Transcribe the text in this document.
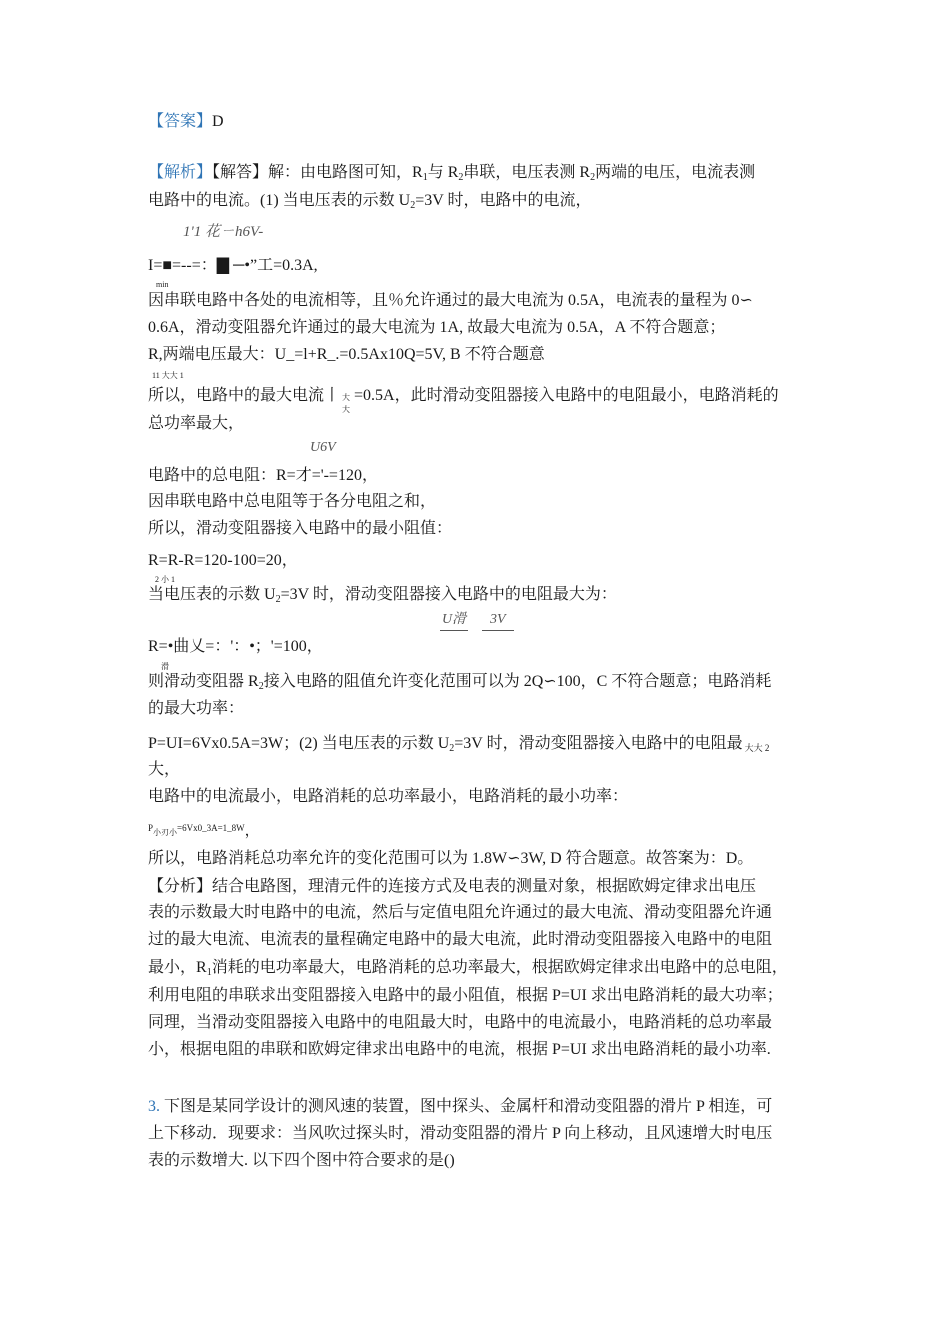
【答案】D
【解析】【解答】解：由电路图可知，$R_1$与 $R_2$串联，电压表测 $R_2$两端的电压，电流表测
电路中的电流。(1) 当电压表的示数 $U_2=3V$ 时，电路中的电流，
1'1 花ㄧh6V-
I=■=--=：▇ ─•”工=0.3A,
min
因串联电路中各处的电流相等，且％允许通过的最大电流为 0.5A，电流表的量程为 0∽
0.6A，滑动变阻器允许通过的最大电流为 1A, 故最大电流为 0.5A，A 不符合题意；
R,两端电压最大：U_=l+R_.=0.5Ax10Q=5V, B 不符合题意
11 大大 1
所以，电路中的最大电流丨 大
大
=0.5A，此时滑动变阻器接入电路中的电阻最小，电路消耗的
总功率最大，
U6V
电路中的总电阻：R=才='-=120，
因串联电路中总电阻等于各分电阻之和，
所以，滑动变阻器接入电路中的最小阻值：
R=R-R=120-100=20，
2 小 1
当电压表的示数 $U_2=3V$ 时，滑动变阻器接入电路中的电阻最大为：
U滑	3V
R=•曲乂=：'：•；'=100，
滑
则滑动变阻器 $R_2$接入电路的阻值允许变化范围可以为 2Q∽100，C 不符合题意；电路消耗
的最大功率：
P=UI=6Vx0.5A=3W；(2) 当电压表的示数 $U_2=3V$ 时，滑动变阻器接入电路中的电阻最 大大 2
大，
电路中的电流最小，电路消耗的总功率最小，电路消耗的最小功率：
P小刃小=6Vx0_3A=1_8W，
所以，电路消耗总功率允许的变化范围可以为 1.8W∽3W, D 符合题意。故答案为：D。
【分析】结合电路图，理清元件的连接方式及电表的测量对象，根据欧姆定律求出电压
表的示数最大时电路中的电流，然后与定值电阻允许通过的最大电流、滑动变阻器允许通
过的最大电流、电流表的量程确定电路中的最大电流，此时滑动变阻器接入电路中的电阻
最小，$R_1$消耗的电功率最大，电路消耗的总功率最大，根据欧姆定律求出电路中的总电阻，
利用电阻的串联求出变阻器接入电路中的最小阻值，根据 P=UI 求出电路消耗的最大功率；
同理，当滑动变阻器接入电路中的电阻最大时，电路中的电流最小，电路消耗的总功率最
小，根据电阻的串联和欧姆定律求出电路中的电流，根据 P=UI 求出电路消耗的最小功率.
3. 下图是某同学设计的测风速的装置，图中探头、金属杆和滑动变阻器的滑片 P 相连，可
上下移动．现要求：当风吹过探头时，滑动变阻器的滑片 P 向上移动，且风速增大时电压
表的示数增大. 以下四个图中符合要求的是()
